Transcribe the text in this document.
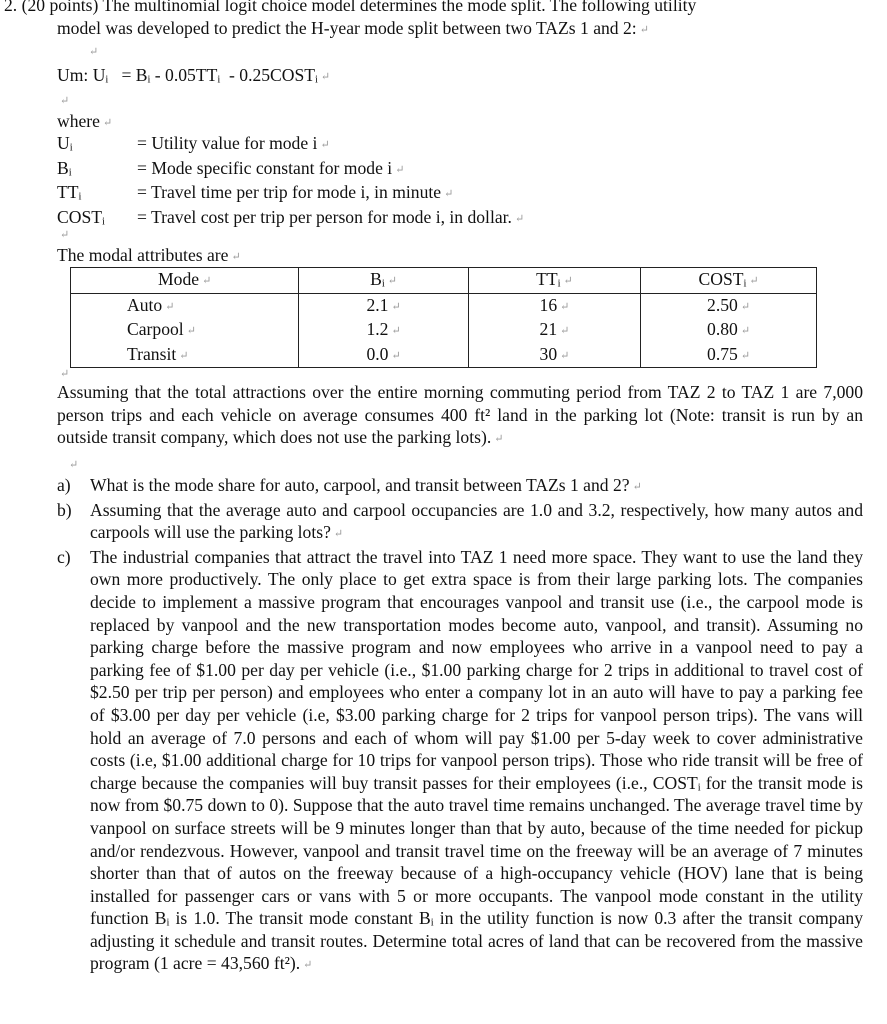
2. (20 points) The multinomial logit choice model determines the mode split. The following utility
model was developed to predict the H-year mode split between two TAZs 1 and 2: ↵
↵
Um: Uᵢ   = Bᵢ - 0.05TTᵢ  - 0.25COSTᵢ ↵
↵
where ↵
Uᵢ	= Utility value for mode i ↵
Bᵢ	= Mode specific constant for mode i ↵
TTᵢ	= Travel time per trip for mode i, in minute ↵
COSTᵢ	= Travel cost per trip per person for mode i, in dollar. ↵
↵
The modal attributes are ↵
Mode ↵	Bᵢ ↵	TTᵢ ↵	COSTᵢ ↵
Auto ↵	2.1 ↵	16 ↵	2.50 ↵
Carpool ↵	1.2 ↵	21 ↵	0.80 ↵
Transit ↵	0.0 ↵	30 ↵	0.75 ↵
↵
Assuming that the total attractions over the entire morning commuting period from TAZ 2 to TAZ 1 are 7,000 person trips and each vehicle on average consumes 400 ft² land in the parking lot (Note: transit is run by an outside transit company, which does not use the parking lots). ↵
↵
a) What is the mode share for auto, carpool, and transit between TAZs 1 and 2? ↵
b) Assuming that the average auto and carpool occupancies are 1.0 and 3.2, respectively, how many autos and carpools will use the parking lots? ↵
c) The industrial companies that attract the travel into TAZ 1 need more space. They want to use the land they own more productively. The only place to get extra space is from their large parking lots. The companies decide to implement a massive program that encourages vanpool and transit use (i.e., the carpool mode is replaced by vanpool and the new transportation modes become auto, vanpool, and transit). Assuming no parking charge before the massive program and now employees who arrive in a vanpool need to pay a parking fee of $1.00 per day per vehicle (i.e., $1.00 parking charge for 2 trips in additional to travel cost of $2.50 per trip per person) and employees who enter a company lot in an auto will have to pay a parking fee of $3.00 per day per vehicle (i.e, $3.00 parking charge for 2 trips for vanpool person trips). The vans will hold an average of 7.0 persons and each of whom will pay $1.00 per 5-day week to cover administrative costs (i.e, $1.00 additional charge for 10 trips for vanpool person trips). Those who ride transit will be free of charge because the companies will buy transit passes for their employees (i.e., COSTᵢ for the transit mode is now from $0.75 down to 0). Suppose that the auto travel time remains unchanged. The average travel time by vanpool on surface streets will be 9 minutes longer than that by auto, because of the time needed for pickup and/or rendezvous. However, vanpool and transit travel time on the freeway will be an average of 7 minutes shorter than that of autos on the freeway because of a high-occupancy vehicle (HOV) lane that is being installed for passenger cars or vans with 5 or more occupants. The vanpool mode constant in the utility function Bᵢ is 1.0. The transit mode constant Bᵢ in the utility function is now 0.3 after the transit company adjusting it schedule and transit routes. Determine total acres of land that can be recovered from the massive program (1 acre = 43,560 ft²). ↵
